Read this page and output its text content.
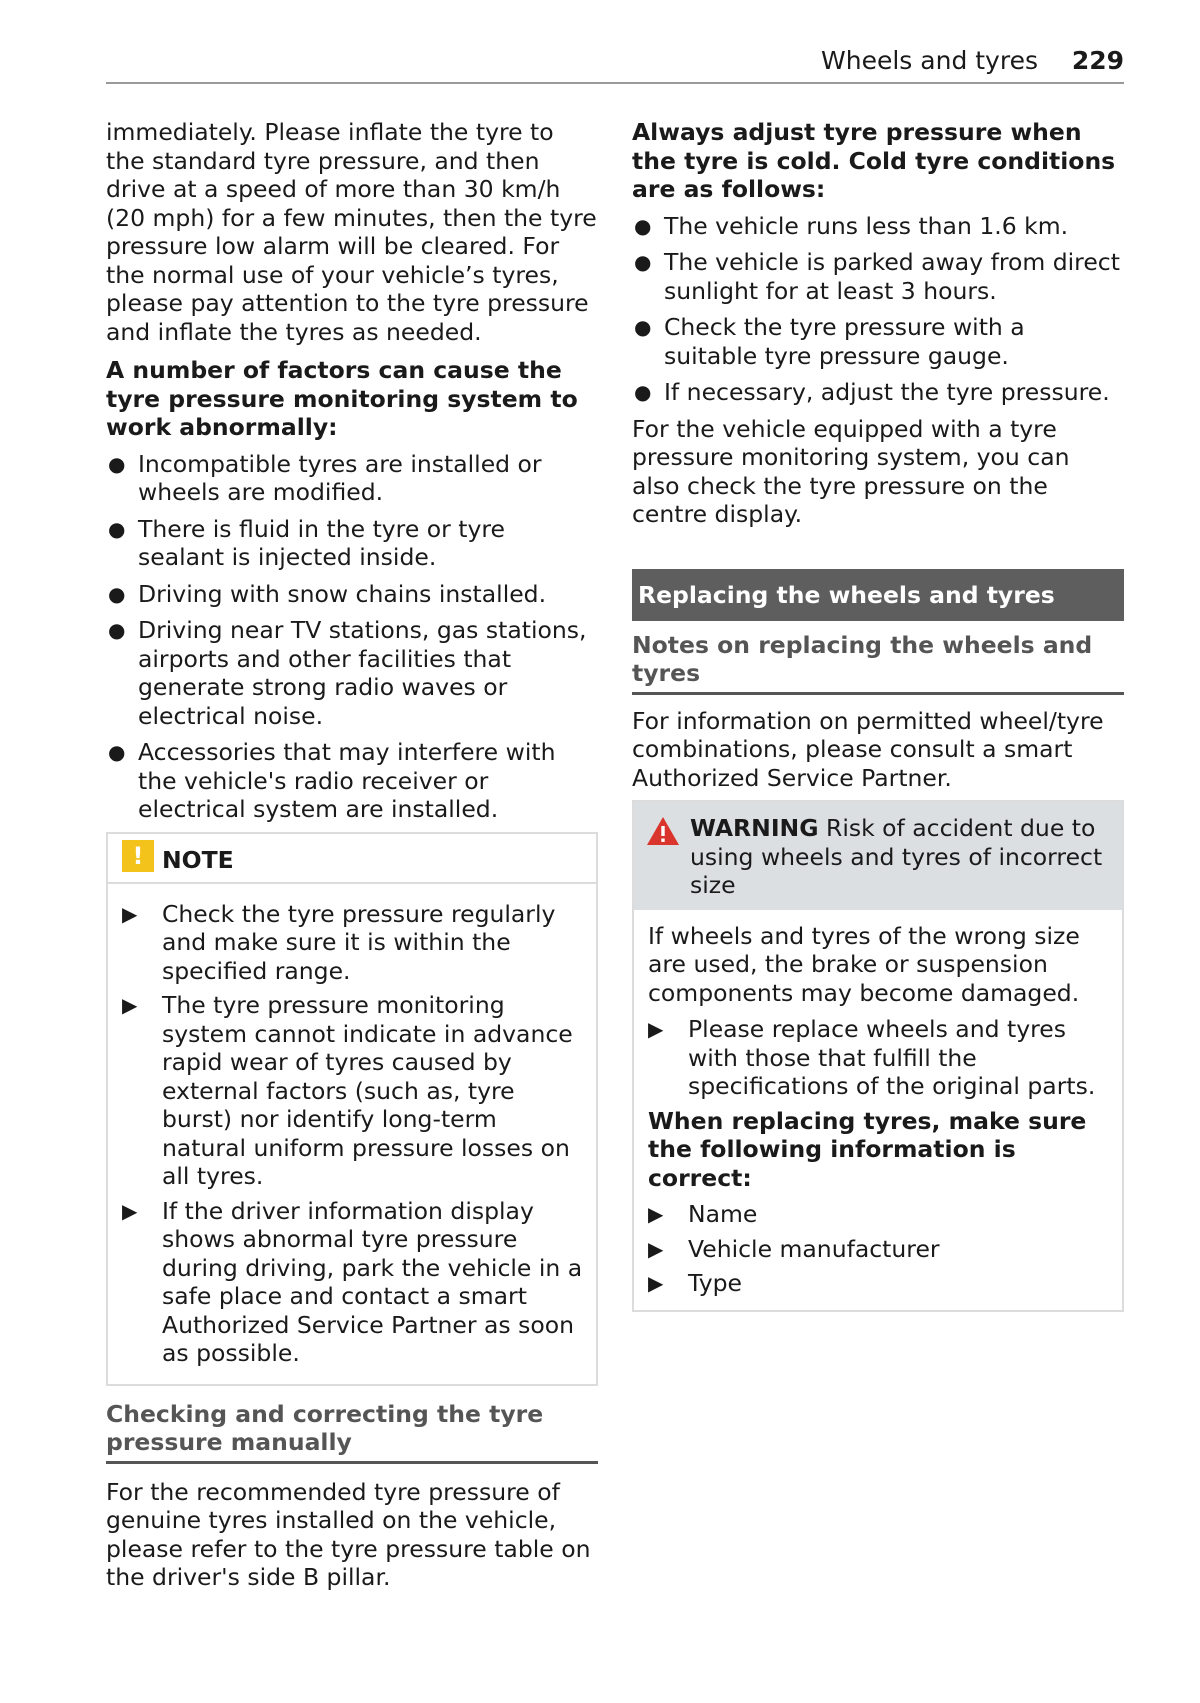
Wheels and tyres 229

immediately. Please inflate the tyre to the standard tyre pressure, and then drive at a speed of more than 30 km/h (20 mph) for a few minutes, then the tyre pressure low alarm will be cleared. For the normal use of your vehicle’s tyres, please pay attention to the tyre pressure and inflate the tyres as needed.

A number of factors can cause the tyre pressure monitoring system to work abnormally:

● Incompatible tyres are installed or wheels are modified.
● There is fluid in the tyre or tyre sealant is injected inside.
● Driving with snow chains installed.
● Driving near TV stations, gas stations, airports and other facilities that generate strong radio waves or electrical noise.
● Accessories that may interfere with the vehicle's radio receiver or electrical system are installed.
! NOTE
▶ Check the tyre pressure regularly and make sure it is within the specified range.
▶ The tyre pressure monitoring system cannot indicate in advance rapid wear of tyres caused by external factors (such as, tyre burst) nor identify long-term natural uniform pressure losses on all tyres.
▶ If the driver information display shows abnormal tyre pressure during driving, park the vehicle in a safe place and contact a smart Authorized Service Partner as soon as possible.
Checking and correcting the tyre pressure manually

For the recommended tyre pressure of genuine tyres installed on the vehicle, please refer to the tyre pressure table on the driver's side B pillar.

Always adjust tyre pressure when the tyre is cold. Cold tyre conditions are as follows:

● The vehicle runs less than 1.6 km.
● The vehicle is parked away from direct sunlight for at least 3 hours.
● Check the tyre pressure with a suitable tyre pressure gauge.
● If necessary, adjust the tyre pressure.

For the vehicle equipped with a tyre pressure monitoring system, you can also check the tyre pressure on the centre display.

Replacing the wheels and tyres
Notes on replacing the wheels and tyres

For information on permitted wheel/tyre combinations, please consult a smart Authorized Service Partner.

WARNING Risk of accident due to using wheels and tyres of incorrect size

If wheels and tyres of the wrong size are used, the brake or suspension components may become damaged.

▶ Please replace wheels and tyres with those that fulfill the specifications of the original parts.

When replacing tyres, make sure the following information is correct:

▶ Name
▶ Vehicle manufacturer
▶ Type
